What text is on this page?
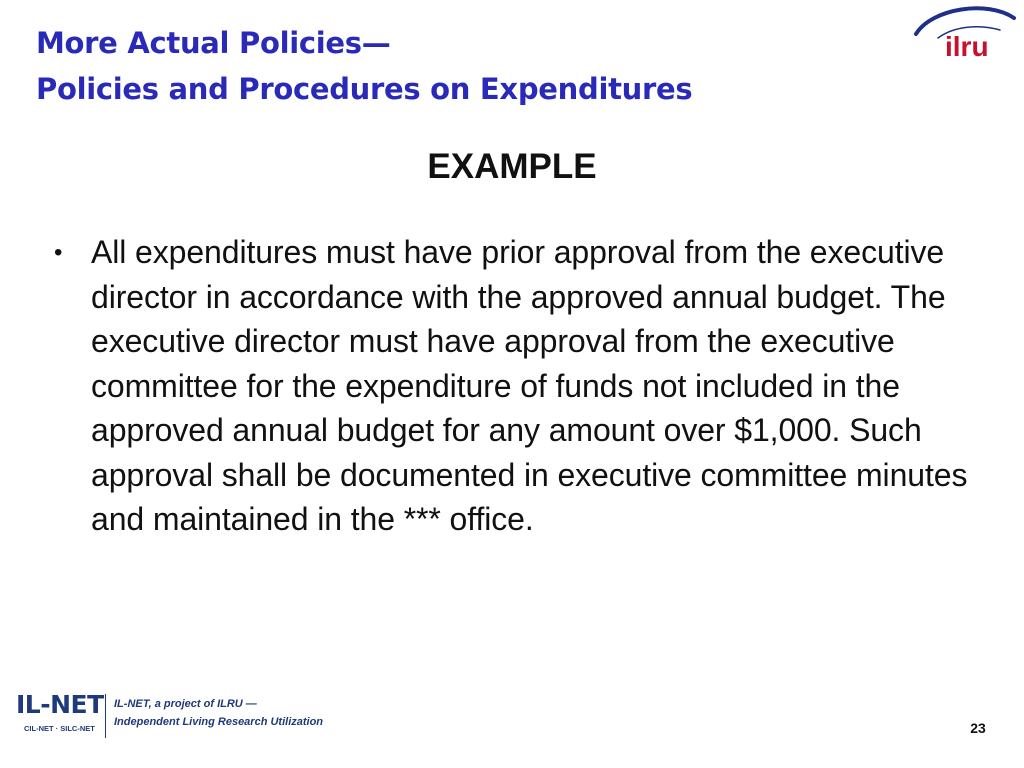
More Actual Policies—
Policies and Procedures on Expenditures
ilru
EXAMPLE
• All expenditures must have prior approval from the executive director in accordance with the approved annual budget. The executive director must have approval from the executive committee for the expenditure of funds not included in the approved annual budget for any amount over $1,000. Such approval shall be documented in executive committee minutes and maintained in the *** office.
IL-NET
CIL-NET · SILC-NET
IL-NET, a project of ILRU —
Independent Living Research Utilization	23
